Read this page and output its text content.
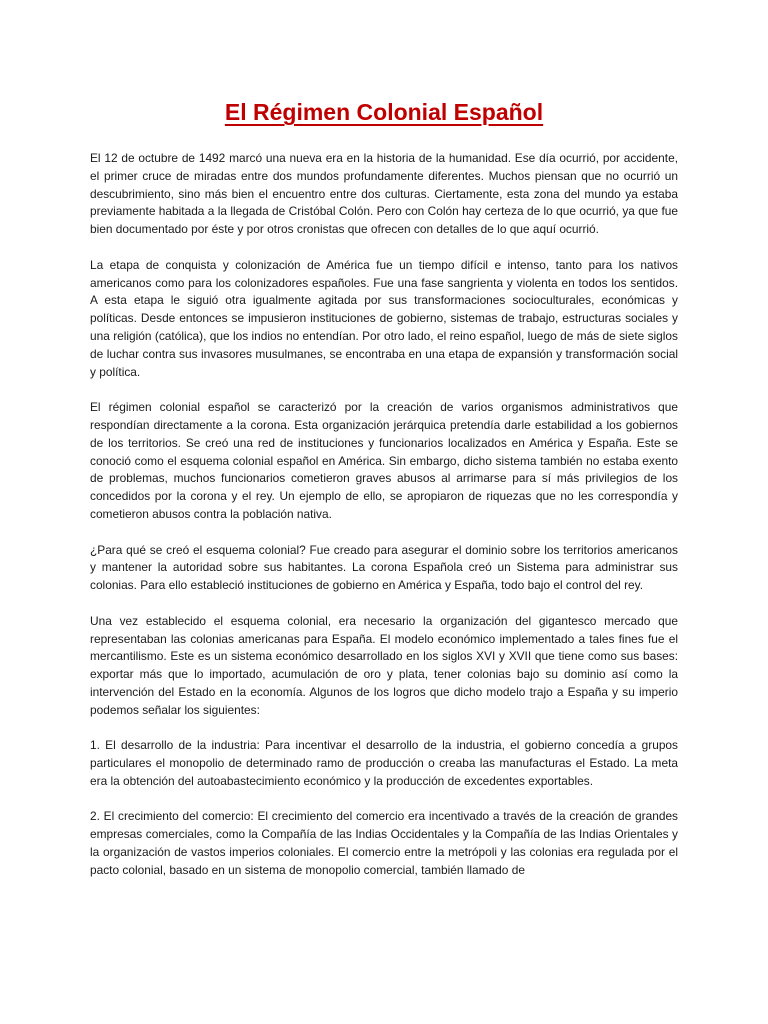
El Régimen Colonial Español

El 12 de octubre de 1492 marcó una nueva era en la historia de la humanidad. Ese día ocurrió, por accidente, el primer cruce de miradas entre dos mundos profundamente diferentes. Muchos piensan que no ocurrió un descubrimiento, sino más bien el encuentro entre dos culturas. Ciertamente, esta zona del mundo ya estaba previamente habitada a la llegada de Cristóbal Colón. Pero con Colón hay certeza de lo que ocurrió, ya que fue bien documentado por éste y por otros cronistas que ofrecen con detalles de lo que aquí ocurrió.

La etapa de conquista y colonización de América fue un tiempo difícil e intenso, tanto para los nativos americanos como para los colonizadores españoles. Fue una fase sangrienta y violenta en todos los sentidos. A esta etapa le siguió otra igualmente agitada por sus transformaciones socioculturales, económicas y políticas. Desde entonces se impusieron instituciones de gobierno, sistemas de trabajo, estructuras sociales y una religión (católica), que los indios no entendían. Por otro lado, el reino español, luego de más de siete siglos de luchar contra sus invasores musulmanes, se encontraba en una etapa de expansión y transformación social y política.

El régimen colonial español se caracterizó por la creación de varios organismos administrativos que respondían directamente a la corona. Esta organización jerárquica pretendía darle estabilidad a los gobiernos de los territorios. Se creó una red de instituciones y funcionarios localizados en América y España. Este se conoció como el esquema colonial español en América. Sin embargo, dicho sistema también no estaba exento de problemas, muchos funcionarios cometieron graves abusos al arrimarse para sí más privilegios de los concedidos por la corona y el rey. Un ejemplo de ello, se apropiaron de riquezas que no les correspondía y cometieron abusos contra la población nativa.

¿Para qué se creó el esquema colonial? Fue creado para asegurar el dominio sobre los territorios americanos y mantener la autoridad sobre sus habitantes. La corona Española creó un Sistema para administrar sus colonias. Para ello estableció instituciones de gobierno en América y España, todo bajo el control del rey.

Una vez establecido el esquema colonial, era necesario la organización del gigantesco mercado que representaban las colonias americanas para España. El modelo económico implementado a tales fines fue el mercantilismo. Este es un sistema económico desarrollado en los siglos XVI y XVII que tiene como sus bases: exportar más que lo importado, acumulación de oro y plata, tener colonias bajo su dominio así como la intervención del Estado en la economía. Algunos de los logros que dicho modelo trajo a España y su imperio podemos señalar los siguientes:

1. El desarrollo de la industria: Para incentivar el desarrollo de la industria, el gobierno concedía a grupos particulares el monopolio de determinado ramo de producción o creaba las manufacturas el Estado. La meta era la obtención del autoabastecimiento económico y la producción de excedentes exportables.

2. El crecimiento del comercio: El crecimiento del comercio era incentivado a través de la creación de grandes empresas comerciales, como la Compañía de las Indias Occidentales y la Compañía de las Indias Orientales y la organización de vastos imperios coloniales. El comercio entre la metrópoli y las colonias era regulada por el pacto colonial, basado en un sistema de monopolio comercial, también llamado de
